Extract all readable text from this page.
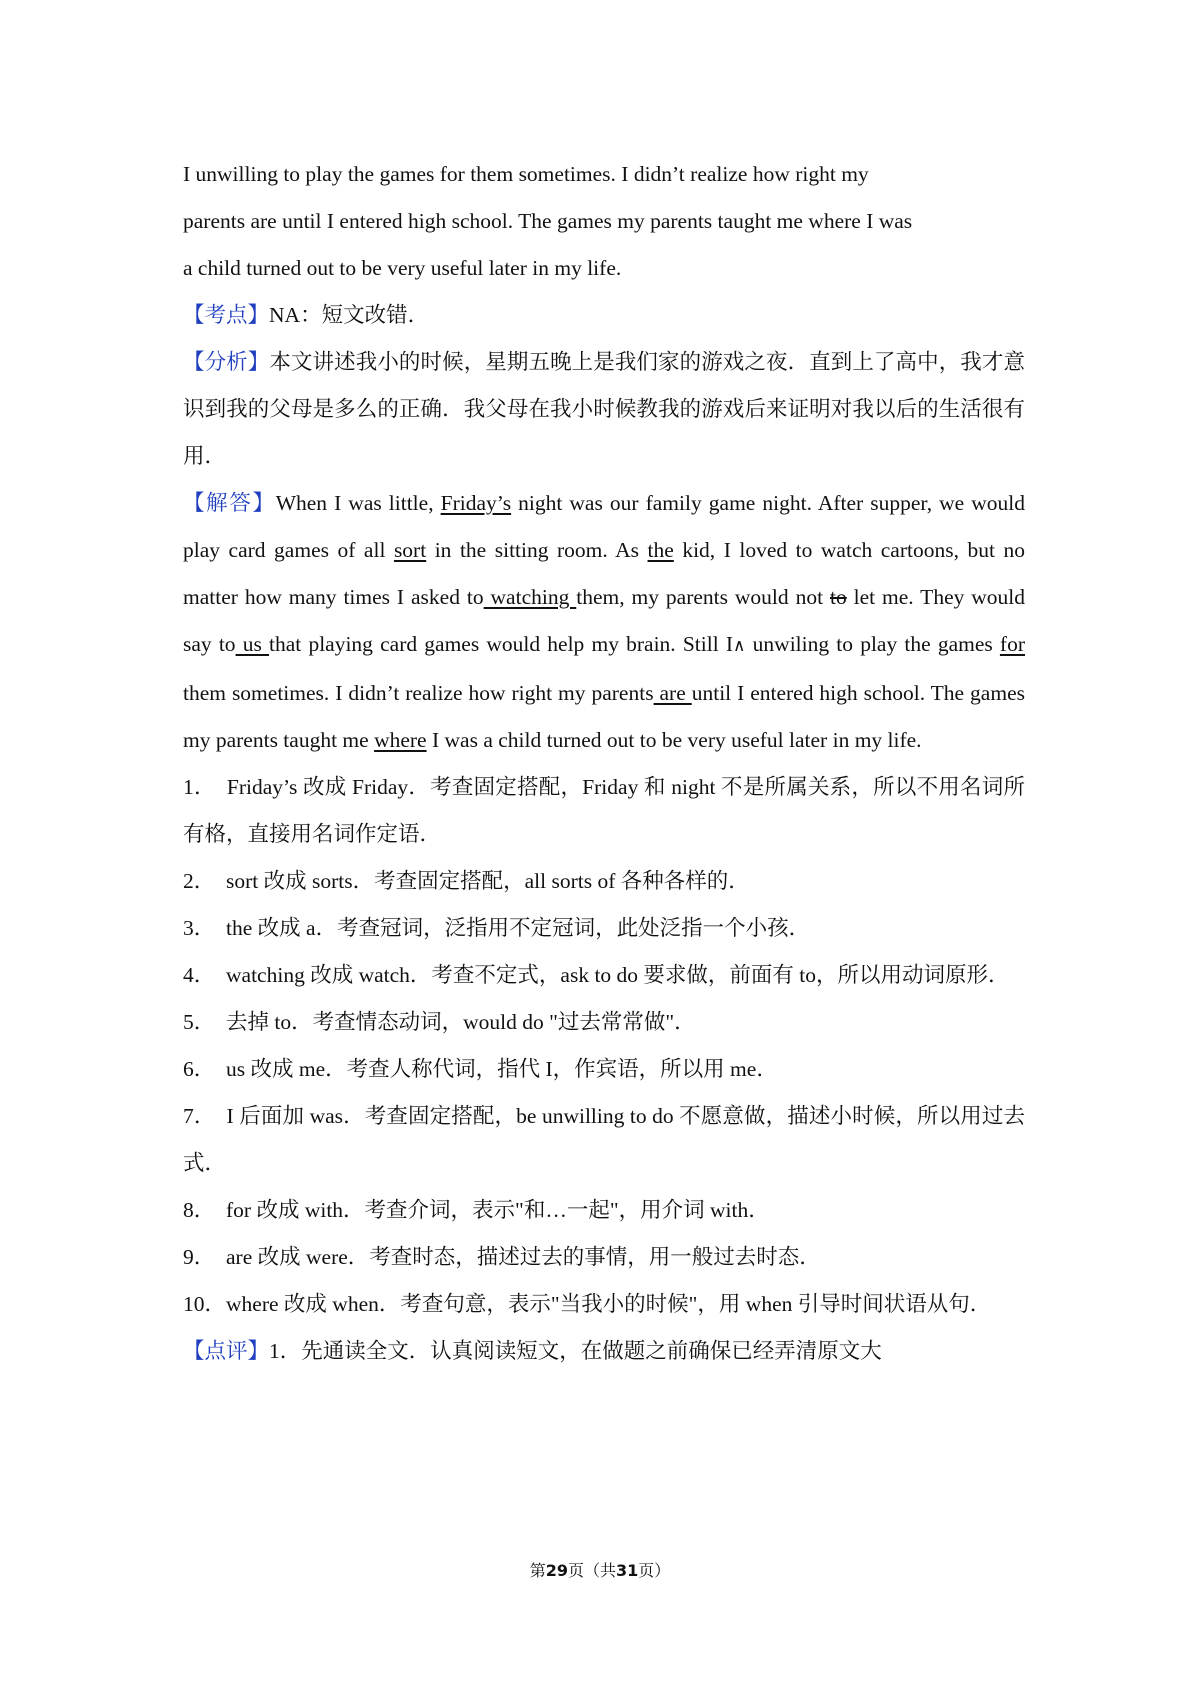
I unwilling to play the games for them sometimes. I didn’t realize how right my
parents are until I entered high school. The games my parents taught me where I was
a child turned out to be very useful later in my life.

【考点】NA：短文改错．

【分析】本文讲述我小的时候，星期五晚上是我们家的游戏之夜．直到上了高中，我才意识到我的父母是多么的正确．我父母在我小时候教我的游戏后来证明对我以后的生活很有用．

【解答】When I was little, Friday’s night was our family game night. After supper, we would play card games of all sort in the sitting room. As the kid, I loved to watch cartoons, but no matter how many times I asked to watching them, my parents would not to let me. They would say to us that playing card games would help my brain. Still I∧ unwiling to play the games for them sometimes. I didn’t realize how right my parents are until I entered high school. The games my parents taught me where I was a child turned out to be very useful later in my life.

1． Friday’s 改成 Friday．考查固定搭配，Friday 和 night 不是所属关系，所以不用名词所有格，直接用名词作定语．

2． sort 改成 sorts．考查固定搭配，all sorts of 各种各样的．

3． the 改成 a．考查冠词，泛指用不定冠词，此处泛指一个小孩．

4． watching 改成 watch．考查不定式，ask to do 要求做，前面有 to，所以用动词原形．

5． 去掉 to．考查情态动词，would do "过去常常做"．

6． us 改成 me．考查人称代词，指代 I，作宾语，所以用 me．

7． I 后面加 was．考查固定搭配，be unwilling to do 不愿意做，描述小时候，所以用过去式．

8． for 改成 with．考查介词，表示"和…一起"，用介词 with．

9． are 改成 were．考查时态，描述过去的事情，用一般过去时态．

10．where 改成 when．考查句意，表示"当我小的时候"，用 when 引导时间状语从句．

【点评】1．先通读全文．认真阅读短文，在做题之前确保已经弄清原文大

第29页（共31页）
